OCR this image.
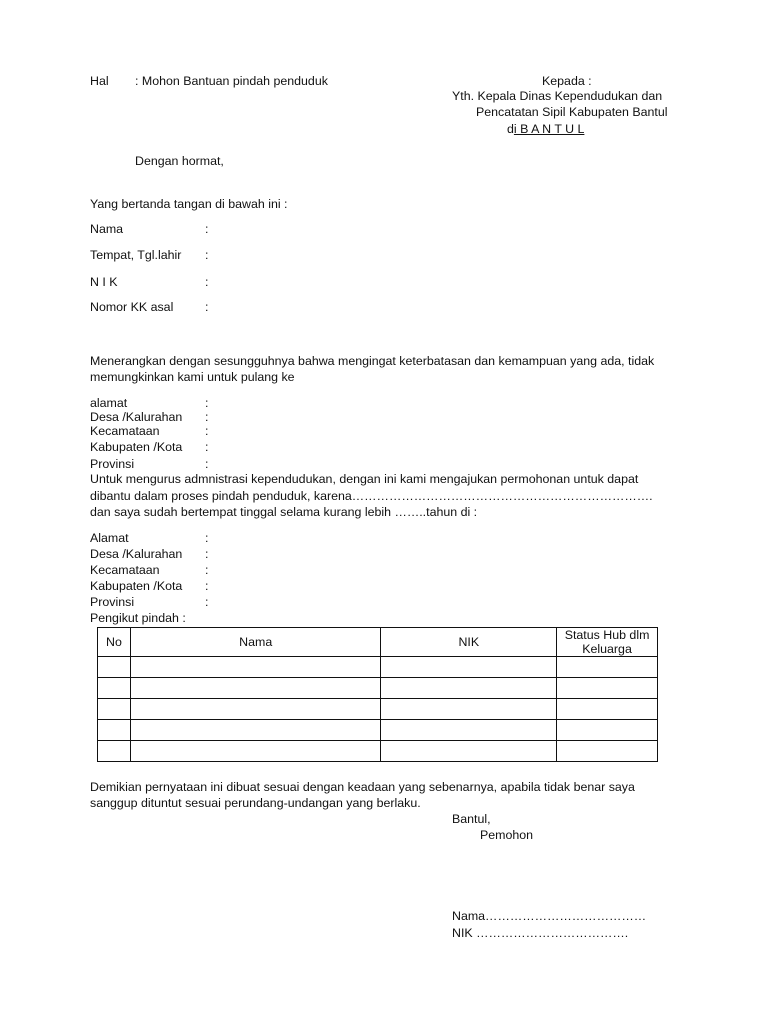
Hal : Mohon Bantuan pindah penduduk	Kepada :
Yth. Kepala Dinas Kependudukan dan
Pencatatan Sipil Kabupaten Bantul
di B A N T U L
Dengan hormat,
Yang bertanda tangan di bawah ini :
Nama	:
Tempat, Tgl.lahir :
N I K	:
Nomor KK asal	:
Menerangkan dengan sesungguhnya bahwa mengingat keterbatasan dan kemampuan yang ada, tidak
memungkinkan kami untuk pulang ke
alamat	:
Desa /Kalurahan :
Kecamataan	:
Kabupaten /Kota :
Provinsi	:
Untuk mengurus admnistrasi kependudukan, dengan ini kami mengajukan permohonan untuk dapat
dibantu dalam proses pindah penduduk, karena……………………………………………………………….
dan saya sudah bertempat tinggal selama kurang lebih ……..tahun di :
Alamat	:
Desa /Kalurahan :
Kecamataan	:
Kabupaten /Kota :
Provinsi	:
Pengikut pindah :
No	Nama	NIK	Status Hub dlm
Keluarga

Demikian pernyataan ini dibuat sesuai dengan keadaan yang sebenarnya, apabila tidak benar saya
sanggup dituntut sesuai perundang-undangan yang berlaku.
Bantul,
Pemohon
Nama…………………………………
NIK ……………………………….
